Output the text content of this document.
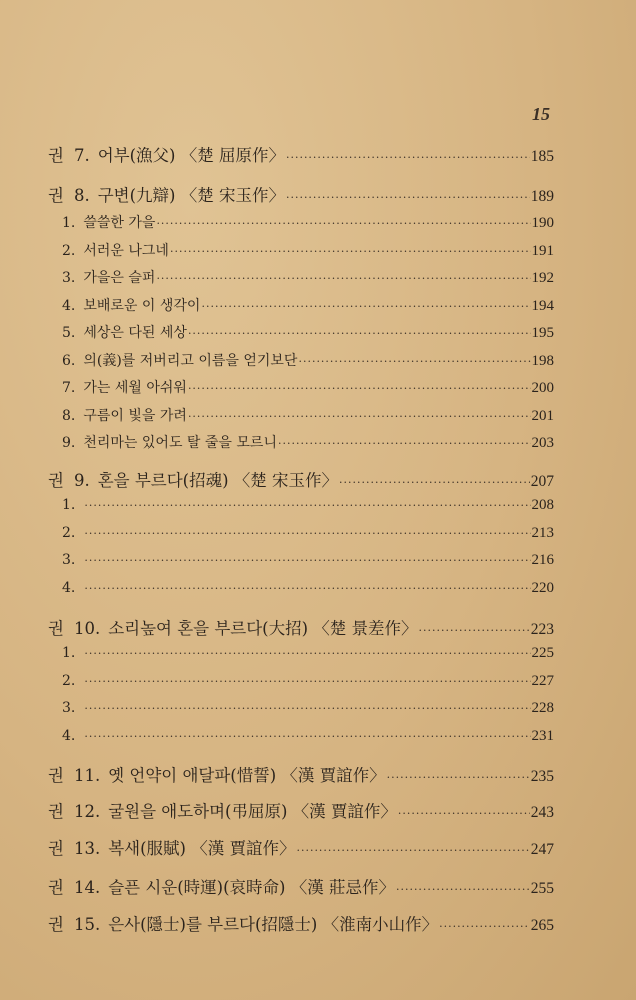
15
권 7. 어부(漁父) 〈楚 屈原作〉 ·····	185
권 8. 구변(九辯) 〈楚 宋玉作〉 ·····	189
1. 쓸쓸한 가을 ·····	190
2. 서러운 나그네 ·····	191
3. 가을은 슬퍼 ·····	192
4. 보배로운 이 생각이 ·····	194
5. 세상은 다된 세상 ·····	195
6. 의(義)를 저버리고 이름을 얻기보단 ·····	198
7. 가는 세월 아쉬워 ·····	200
8. 구름이 빛을 가려 ·····	201
9. 천리마는 있어도 탈 줄을 모르니 ·····	203
권 9. 혼을 부르다(招魂) 〈楚 宋玉作〉 ·····	207
1. ·····	208
2. ·····	213
3. ·····	216
4. ·····	220
권 10. 소리높여 혼을 부르다(大招) 〈楚 景差作〉 ·····	223
1. ·····	225
2. ·····	227
3. ·····	228
4. ·····	231
권 11. 옛 언약이 애달파(惜誓) 〈漢 賈誼作〉 ·····	235
권 12. 굴원을 애도하며(弔屈原) 〈漢 賈誼作〉 ·····	243
권 13. 복새(服賦) 〈漢 賈誼作〉 ·····	247
권 14. 슬픈 시운(時運)(哀時命) 〈漢 莊忌作〉 ·····	255
권 15. 은사(隱士)를 부르다(招隱士) 〈淮南小山作〉 ·····	265
